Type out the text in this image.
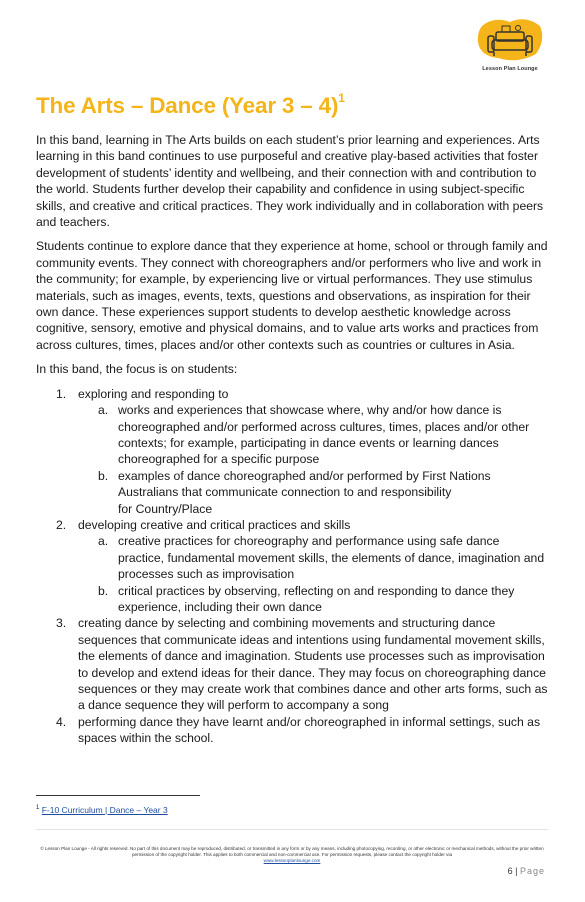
Lesson Plan Lounge
The Arts – Dance (Year 3 – 4)$^1$

In this band, learning in The Arts builds on each student’s prior learning and experiences. Arts learning in this band continues to use purposeful and creative play-based activities that foster development of students’ identity and wellbeing, and their connection with and contribution to the world. Students further develop their capability and confidence in using subject-specific skills, and creative and critical practices. They work individually and in collaboration with peers and teachers.

Students continue to explore dance that they experience at home, school or through family and community events. They connect with choreographers and/or performers who live and work in the community; for example, by experiencing live or virtual performances. They use stimulus materials, such as images, events, texts, questions and observations, as inspiration for their own dance. These experiences support students to develop aesthetic knowledge across cognitive, sensory, emotive and physical domains, and to value arts works and practices from across cultures, times, places and/or other contexts such as countries or cultures in Asia.

In this band, the focus is on students:

1. exploring and responding to
a. works and experiences that showcase where, why and/or how dance is choreographed and/or performed across cultures, times, places and/or other contexts; for example, participating in dance events or learning dances choreographed for a specific purpose
b. examples of dance choreographed and/or performed by First Nations Australians that communicate connection to and responsibility
for Country/Place
2. developing creative and critical practices and skills
a. creative practices for choreography and performance using safe dance practice, fundamental movement skills, the elements of dance, imagination and processes such as improvisation
b. critical practices by observing, reflecting on and responding to dance they experience, including their own dance
3. creating dance by selecting and combining movements and structuring dance sequences that communicate ideas and intentions using fundamental movement skills, the elements of dance and imagination. Students use processes such as improvisation to develop and extend ideas for their dance. They may focus on choreographing dance sequences or they may create work that combines dance and other arts forms, such as a dance sequence they will perform to accompany a song
4. performing dance they have learnt and/or choreographed in informal settings, such as spaces within the school.
$^1$ F-10 Curriculum | Dance – Year 3
© Lesson Plan Lounge - All rights reserved. No part of this document may be reproduced, distributed, or transmitted in any form or by any means, including photocopying, recording, or other electronic or mechanical methods, without the prior written permission of the copyright holder. This applies to both commercial and non-commercial use. For permission requests, please contact the copyright holder via
www.lessonplanlounge.com
6 | Page
